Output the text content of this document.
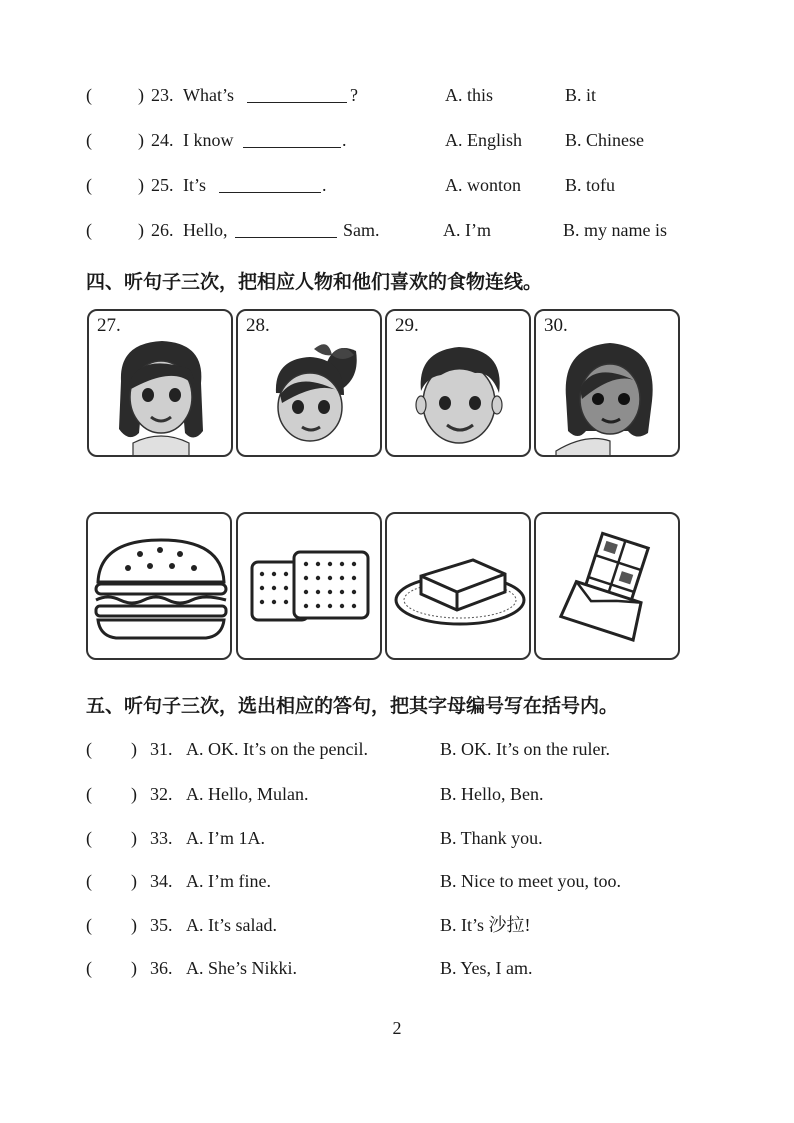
(	) 23. What’s	?	A. this	B. it
(	) 24. I know	.	A. English B. Chinese
(	) 25. It’s	.	A. wonton B. tofu
(	) 26. Hello,	Sam.	A. I’m	B. my name is
四、听句子三次，把相应人物和他们喜欢的食物连线。
27.	28.	29.	30.
五、听句子三次，选出相应的答句，把其字母编号写在括号内。
( ) 31. A. OK. It’s on the pencil.	B. OK. It’s on the ruler.
( ) 32. A. Hello, Mulan.	B. Hello, Ben.
( ) 33. A. I’m 1A.	B. Thank you.
( ) 34. A. I’m fine.	B. Nice to meet you, too.
( ) 35. A. It’s salad.	B. It’s 沙拉!
( ) 36. A. She’s Nikki.	B. Yes, I am.
2
